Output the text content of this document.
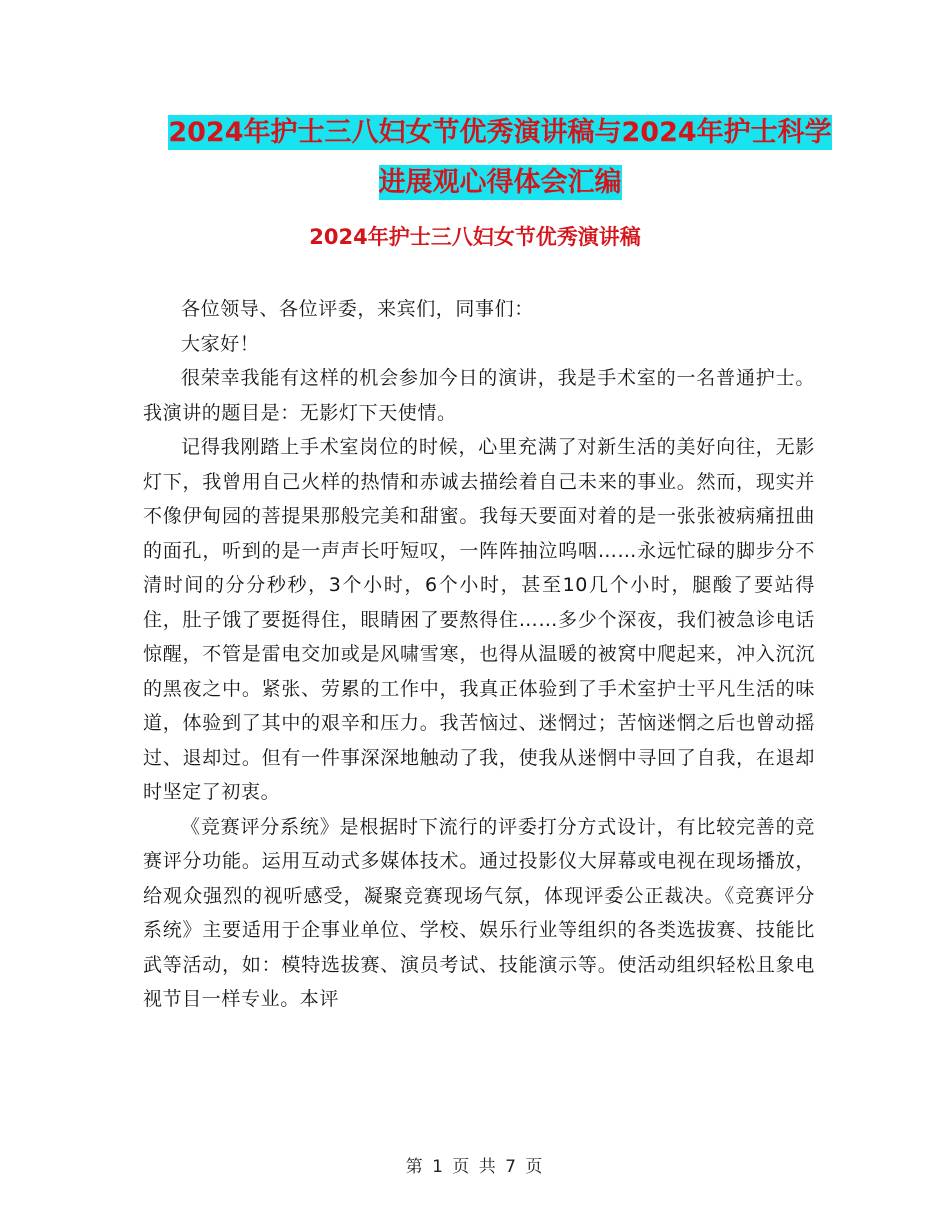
2024年护士三八妇女节优秀演讲稿与2024年护士科学
进展观心得体会汇编
2024年护士三八妇女节优秀演讲稿

各位领导、各位评委，来宾们，同事们：

大家好！

很荣幸我能有这样的机会参加今日的演讲，我是手术室的一名普通护士。我演讲的题目是：无影灯下天使情。

记得我刚踏上手术室岗位的时候，心里充满了对新生活的美好向往，无影灯下，我曾用自己火样的热情和赤诚去描绘着自己未来的事业。然而，现实并不像伊甸园的菩提果那般完美和甜蜜。我每天要面对着的是一张张被病痛扭曲的面孔，听到的是一声声长吁短叹，一阵阵抽泣呜咽……永远忙碌的脚步分不清时间的分分秒秒，3个小时，6个小时，甚至10几个小时，腿酸了要站得住，肚子饿了要挺得住，眼睛困了要熬得住……多少个深夜，我们被急诊电话惊醒，不管是雷电交加或是风啸雪寒，也得从温暖的被窝中爬起来，冲入沉沉的黑夜之中。紧张、劳累的工作中，我真正体验到了手术室护士平凡生活的味道，体验到了其中的艰辛和压力。我苦恼过、迷惘过；苦恼迷惘之后也曾动摇过、退却过。但有一件事深深地触动了我，使我从迷惘中寻回了自我，在退却时坚定了初衷。

《竞赛评分系统》是根据时下流行的评委打分方式设计，有比较完善的竞赛评分功能。运用互动式多媒体技术。通过投影仪大屏幕或电视在现场播放，给观众强烈的视听感受，凝聚竞赛现场气氛，体现评委公正裁决。《竞赛评分系统》主要适用于企事业单位、学校、娱乐行业等组织的各类选拔赛、技能比武等活动，如：模特选拔赛、演员考试、技能演示等。使活动组织轻松且象电视节目一样专业。本评

第 1 页 共 7 页
